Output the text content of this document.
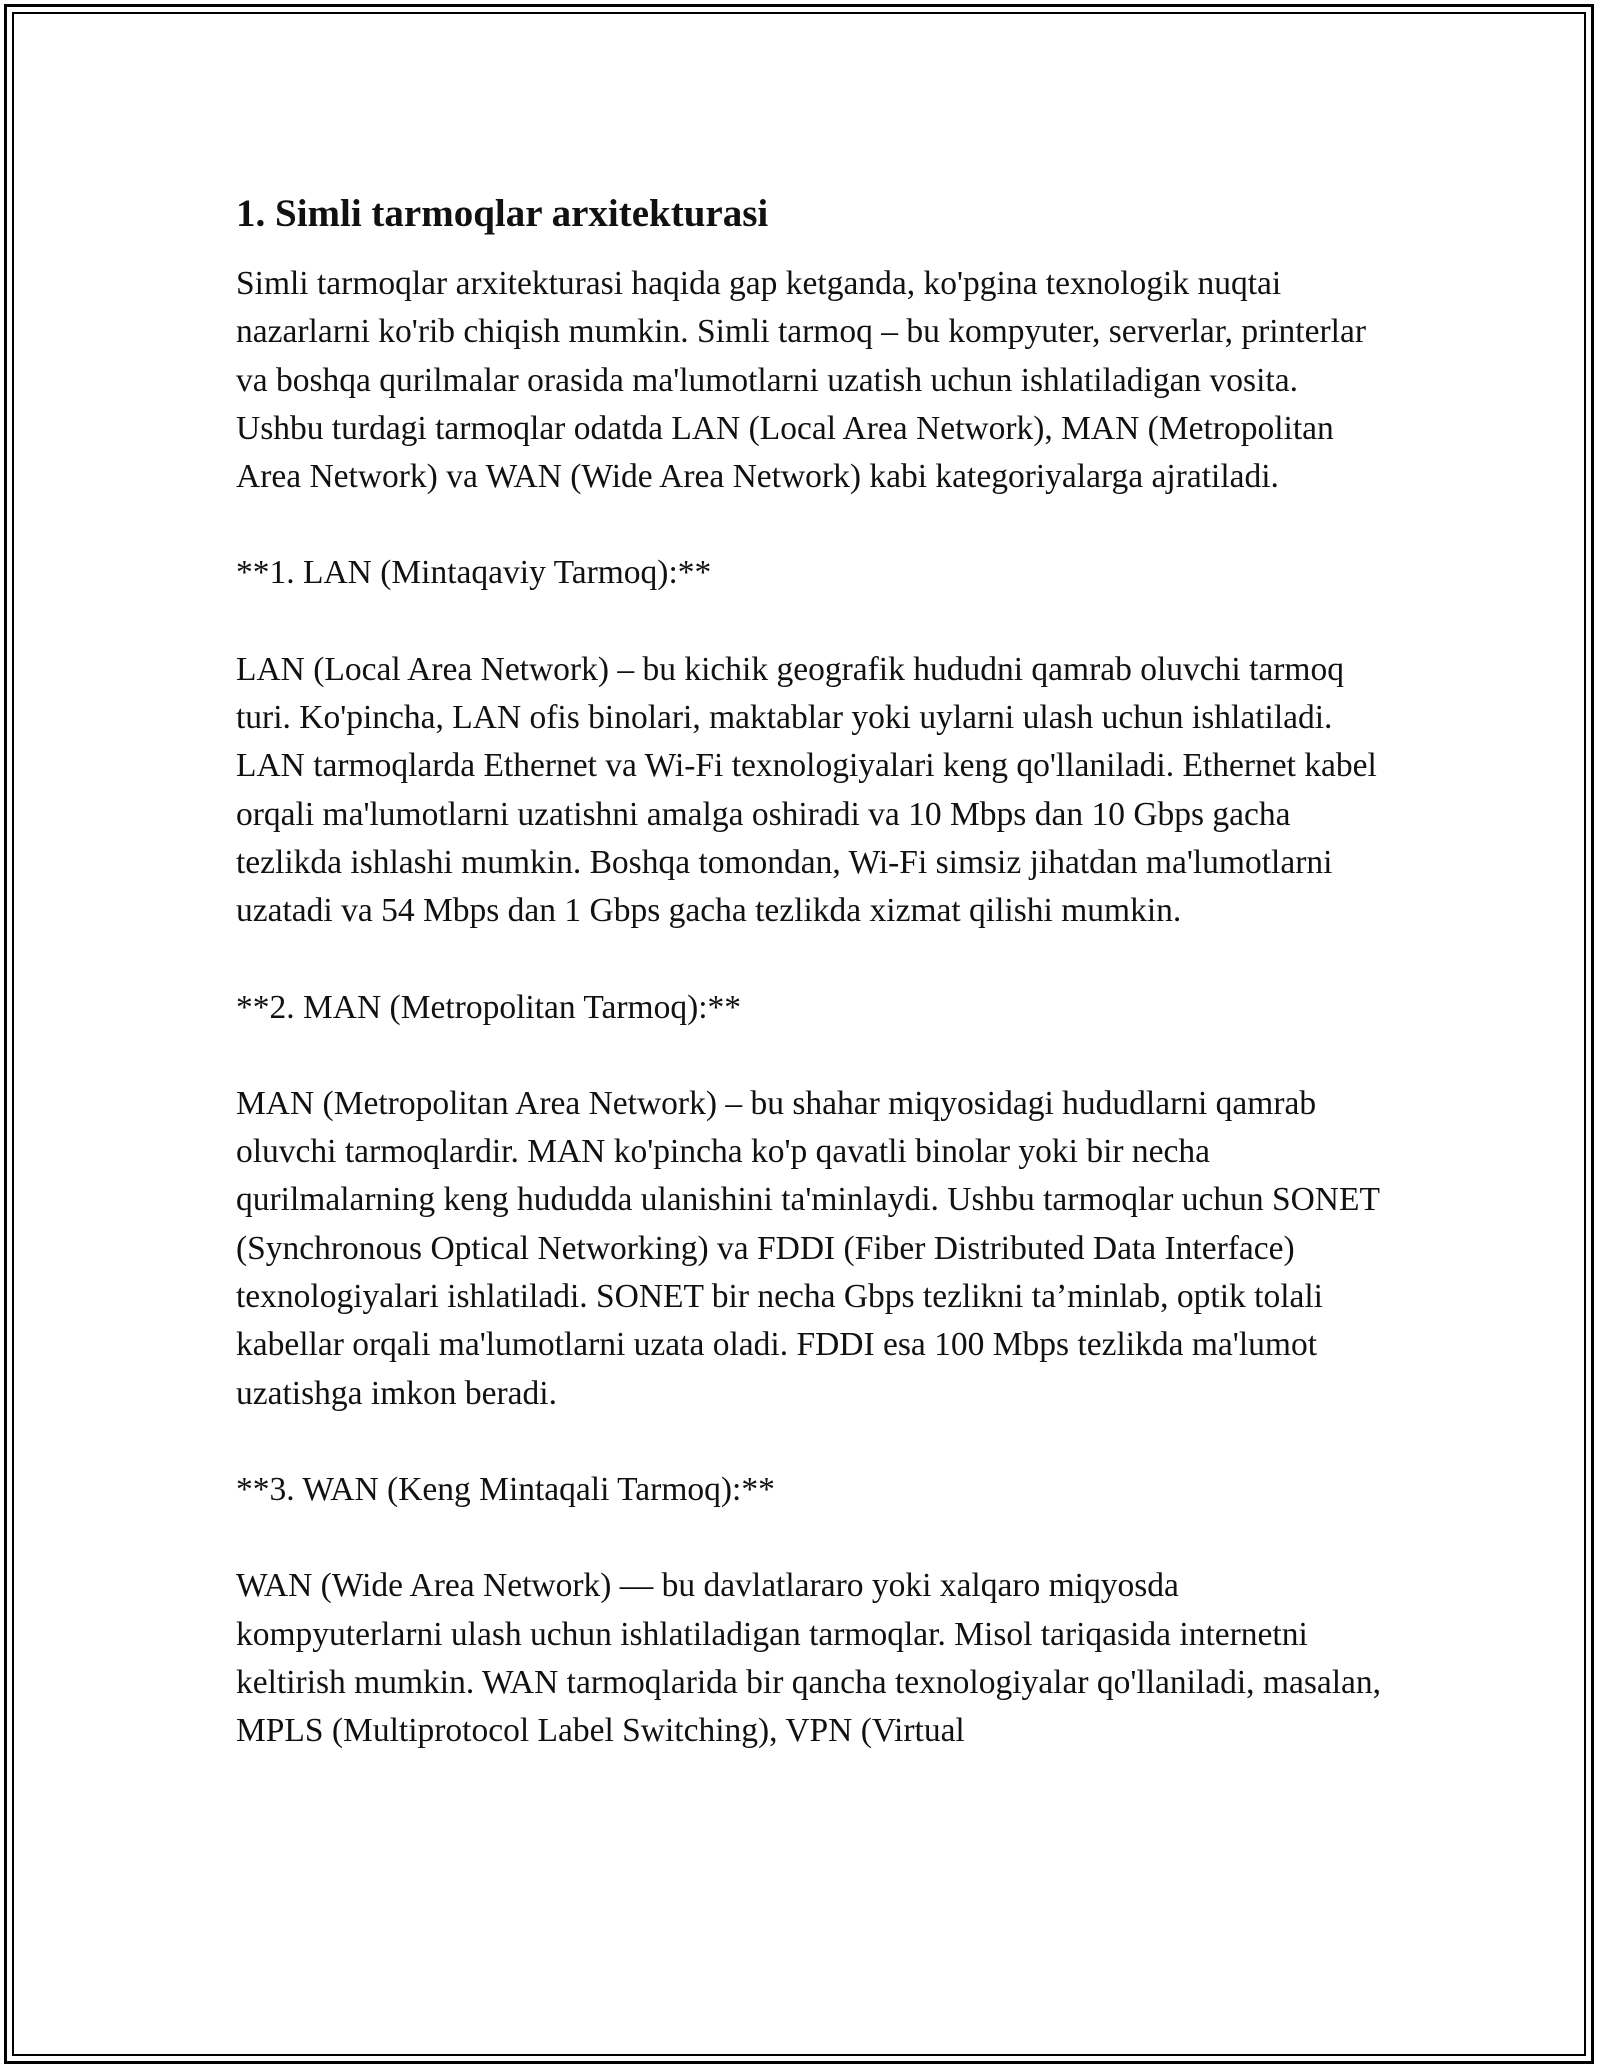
1. Simli tarmoqlar arxitekturasi

Simli tarmoqlar arxitekturasi haqida gap ketganda, ko'pgina texnologik nuqtai nazarlarni ko'rib chiqish mumkin. Simli tarmoq – bu kompyuter, serverlar, printerlar va boshqa qurilmalar orasida ma'lumotlarni uzatish uchun ishlatiladigan vosita. Ushbu turdagi tarmoqlar odatda LAN (Local Area Network), MAN (Metropolitan Area Network) va WAN (Wide Area Network) kabi kategoriyalarga ajratiladi.

**1. LAN (Mintaqaviy Tarmoq):**

LAN (Local Area Network) – bu kichik geografik hududni qamrab oluvchi tarmoq turi. Ko'pincha, LAN ofis binolari, maktablar yoki uylarni ulash uchun ishlatiladi. LAN tarmoqlarda Ethernet va Wi-Fi texnologiyalari keng qo'llaniladi. Ethernet kabel orqali ma'lumotlarni uzatishni amalga oshiradi va 10 Mbps dan 10 Gbps gacha tezlikda ishlashi mumkin. Boshqa tomondan, Wi-Fi simsiz jihatdan ma'lumotlarni uzatadi va 54 Mbps dan 1 Gbps gacha tezlikda xizmat qilishi mumkin.

**2. MAN (Metropolitan Tarmoq):**

MAN (Metropolitan Area Network) – bu shahar miqyosidagi hududlarni qamrab oluvchi tarmoqlardir. MAN ko'pincha ko'p qavatli binolar yoki bir necha qurilmalarning keng hududda ulanishini ta'minlaydi. Ushbu tarmoqlar uchun SONET (Synchronous Optical Networking) va FDDI (Fiber Distributed Data Interface) texnologiyalari ishlatiladi. SONET bir necha Gbps tezlikni ta’minlab, optik tolali kabellar orqali ma'lumotlarni uzata oladi. FDDI esa 100 Mbps tezlikda ma'lumot uzatishga imkon beradi.

**3. WAN (Keng Mintaqali Tarmoq):**

WAN (Wide Area Network) — bu davlatlararo yoki xalqaro miqyosda kompyuterlarni ulash uchun ishlatiladigan tarmoqlar. Misol tariqasida internetni keltirish mumkin. WAN tarmoqlarida bir qancha texnologiyalar qo'llaniladi, masalan, MPLS (Multiprotocol Label Switching), VPN (Virtual
